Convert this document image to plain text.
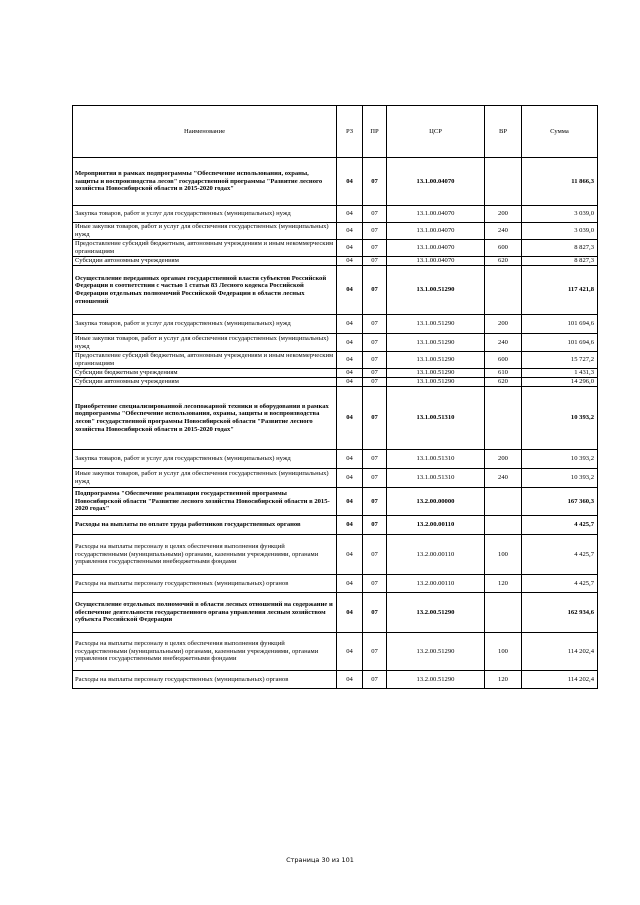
Наименование	РЗ	ПР	ЦСР	ВР	Сумма
Мероприятия в рамках подпрограммы "Обеспечение использования, охраны, защиты и воспроизводства лесов" государственной программы "Развитие лесного хозяйства Новосибирской области в 2015-2020 годах"	04	07	13.1.00.04070		11 866,3
Закупка товаров, работ и услуг для государственных (муниципальных) нужд	04	07	13.1.00.04070	200	3 039,0
Иные закупки товаров, работ и услуг для обеспечения государственных (муниципальных) нужд	04	07	13.1.00.04070	240	3 039,0
Предоставление субсидий бюджетным, автономным учреждениям и иным некоммерческим организациям	04	07	13.1.00.04070	600	8 827,3
Субсидии автономным учреждениям	04	07	13.1.00.04070	620	8 827,3
Осуществление переданных органам государственной власти субъектов Российской Федерации в соответствии с частью 1 статьи 83 Лесного кодекса Российской Федерации отдельных полномочий Российской Федерации в области лесных отношений	04	07	13.1.00.51290		117 421,8
Закупка товаров, работ и услуг для государственных (муниципальных) нужд	04	07	13.1.00.51290	200	101 694,6
Иные закупки товаров, работ и услуг для обеспечения государственных (муниципальных) нужд	04	07	13.1.00.51290	240	101 694,6
Предоставление субсидий бюджетным, автономным учреждениям и иным некоммерческим организациям	04	07	13.1.00.51290	600	15 727,2
Субсидии бюджетным учреждениям	04	07	13.1.00.51290	610	1 431,3
Субсидии автономным учреждениям	04	07	13.1.00.51290	620	14 296,0
Приобретение специализированной лесопожарной техники и оборудования в рамках подпрограммы "Обеспечение использования, охраны, защиты и воспроизводства лесов" государственной программы Новосибирской области "Развитие лесного хозяйства Новосибирской области в 2015-2020 годах"	04	07	13.1.00.51310		10 393,2
Закупка товаров, работ и услуг для государственных (муниципальных) нужд	04	07	13.1.00.51310	200	10 393,2
Иные закупки товаров, работ и услуг для обеспечения государственных (муниципальных) нужд	04	07	13.1.00.51310	240	10 393,2
Подпрограмма "Обеспечение реализации государственной программы Новосибирской области "Развитие лесного хозяйства Новосибирской области в 2015-2020 годах"	04	07	13.2.00.00000		167 360,3
Расходы на выплаты по оплате труда работников государственных органов	04	07	13.2.00.00110		4 425,7
Расходы на выплаты персоналу в целях обеспечения выполнения функций государственными (муниципальными) органами, казенными учреждениями, органами управления государственными внебюджетными фондами	04	07	13.2.00.00110	100	4 425,7
Расходы на выплаты персоналу государственных (муниципальных) органов	04	07	13.2.00.00110	120	4 425,7
Осуществление отдельных полномочий в области лесных отношений на содержание и обеспечение деятельности государственного органа управления лесным хозяйством субъекта Российской Федерации	04	07	13.2.00.51290		162 934,6
Расходы на выплаты персоналу в целях обеспечения выполнения функций государственными (муниципальными) органами, казенными учреждениями, органами управления государственными внебюджетными фондами	04	07	13.2.00.51290	100	114 202,4
Расходы на выплаты персоналу государственных (муниципальных) органов	04	07	13.2.00.51290	120	114 202,4
Страница 30 из 101
